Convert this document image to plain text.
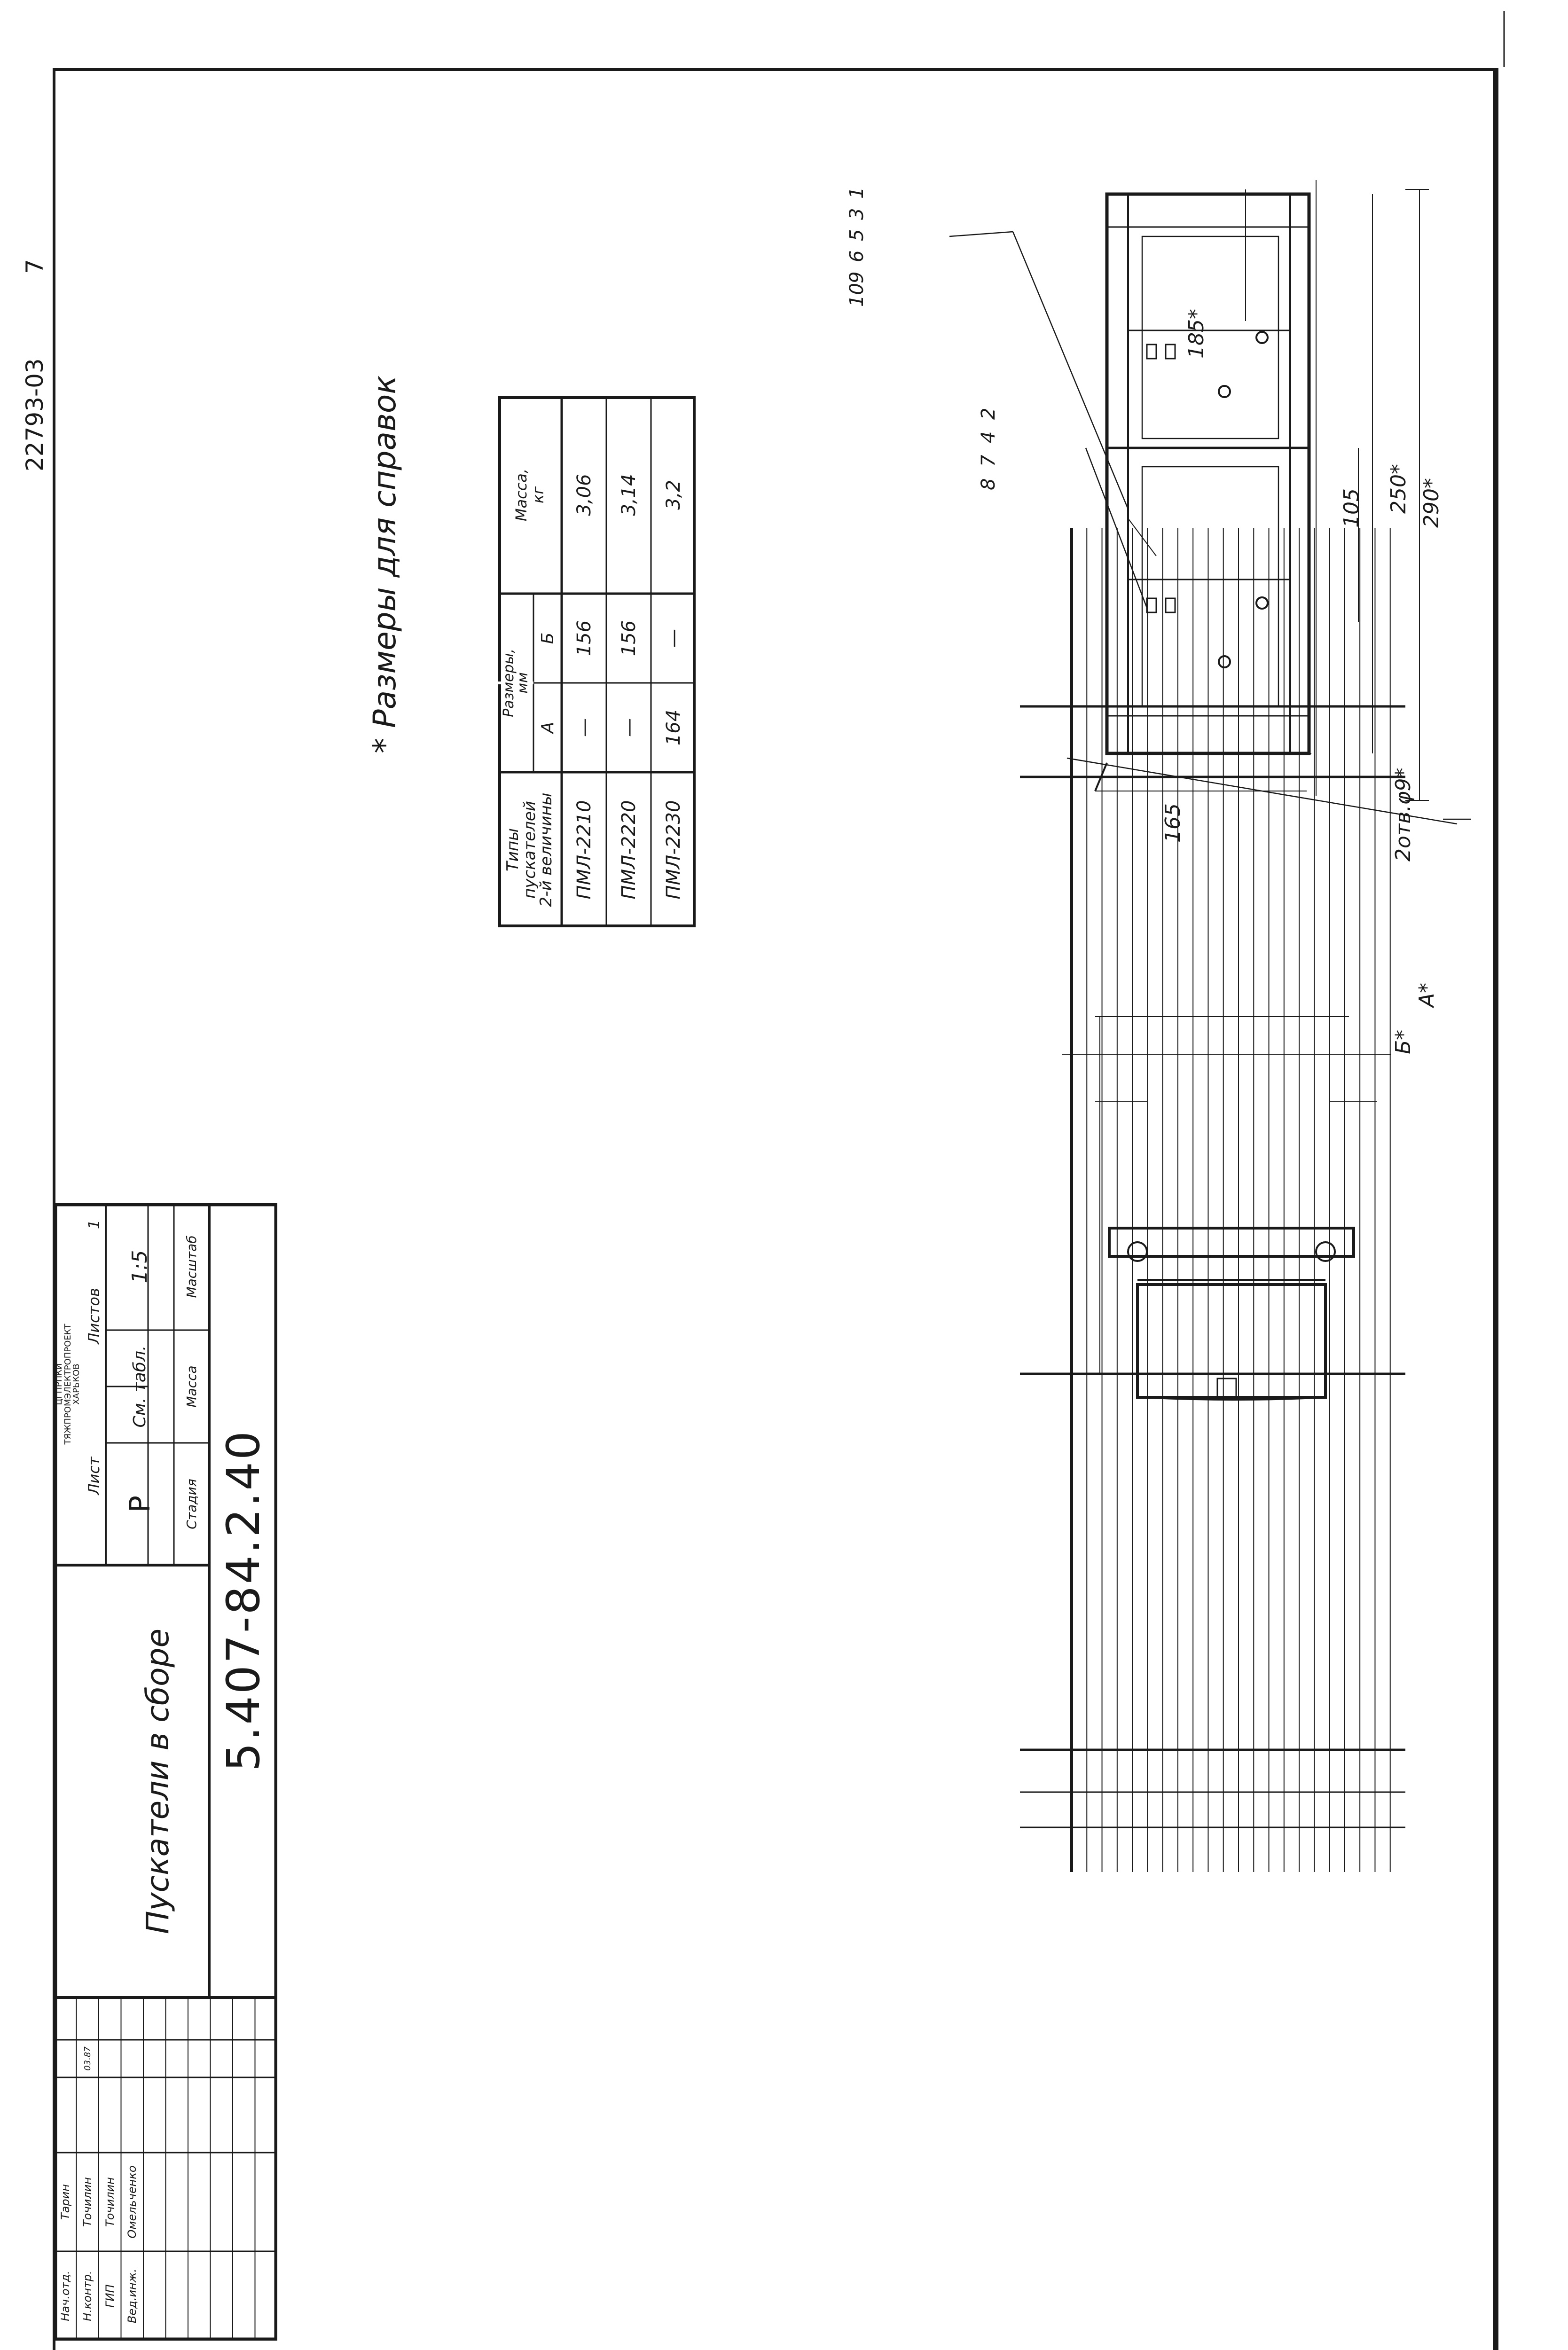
185*
290*
250*
105
2отв.φ9*
165
А*
Б*
1
3
5
6
9
10
2
4
7
8
* Размеры для справок
22793-03
7
Типы
пускателей
2-й величины
Размеры,
мм
А
Б
Масса,
кг
ПМЛ-2210
—
156
3,06
ПМЛ-2220
—
156
3,14
ПМЛ-2230
164
—
3,2
5.407-84.2.40
Пускатели в сборе
Стадия
Масса
Масштаб
Р
См. табл.
1:5
Лист
Листов
1
ЦГПРПКИ
ТЯЖПРОМЭЛЕКТРОПРОЕКТ
ХАРЬКОВ
Нач.отд.
Тарин
Н.контр.
Точилин
ГИП
Точилин
Вед.инж.
Омельченко
03.87
